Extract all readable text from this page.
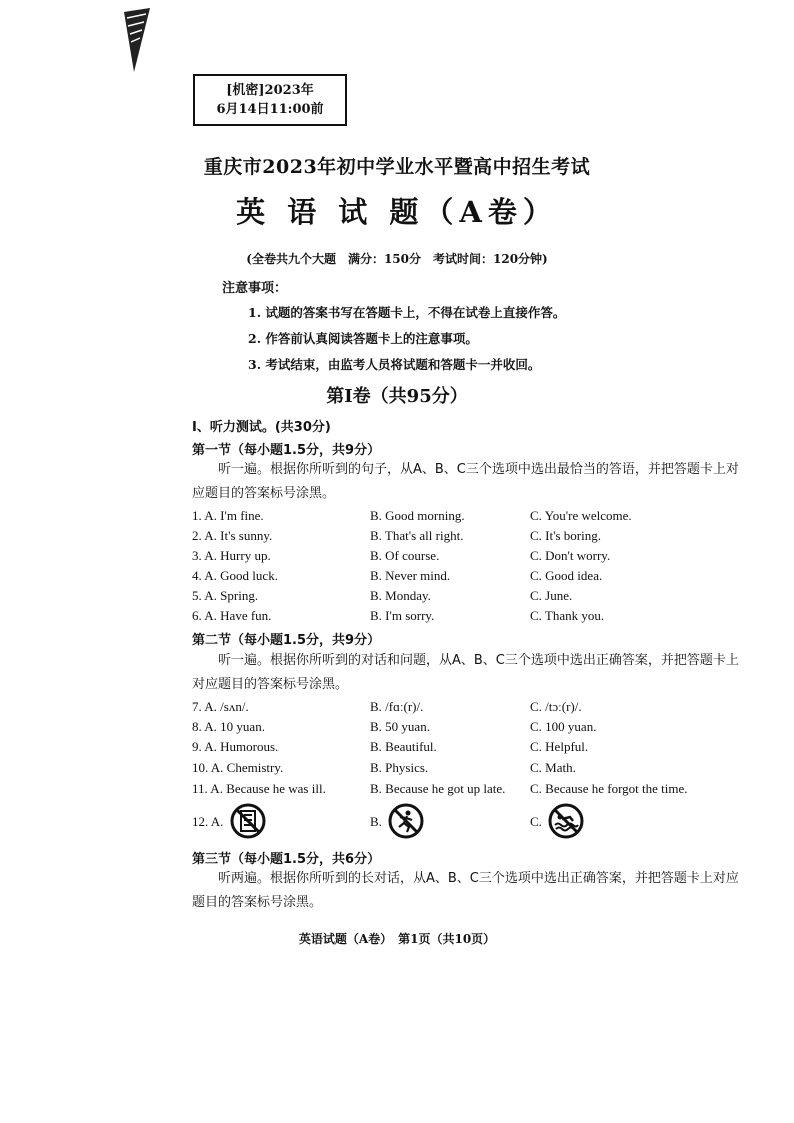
[机密]2023年
6月14日11:00前
重庆市2023年初中学业水平暨高中招生考试
英 语 试 题（A卷）
(全卷共九个大题　满分：150分　考试时间：120分钟)
注意事项：
1. 试题的答案书写在答题卡上，不得在试卷上直接作答。
2. 作答前认真阅读答题卡上的注意事项。
3. 考试结束，由监考人员将试题和答题卡一并收回。
第I卷（共95分）
I、听力测试。(共30分)
第一节（每小题1.5分，共9分）
听一遍。根据你所听到的句子，从A、B、C三个选项中选出最恰当的答语，并把答题卡上对应题目的答案标号涂黑。
1. A. I'm fine.	B. Good morning.	C. You're welcome.
2. A. It's sunny.	B. That's all right.	C. It's boring.
3. A. Hurry up.	B. Of course.	C. Don't worry.
4. A. Good luck.	B. Never mind.	C. Good idea.
5. A. Spring.	B. Monday.	C. June.
6. A. Have fun.	B. I'm sorry.	C. Thank you.
第二节（每小题1.5分，共9分）
听一遍。根据你所听到的对话和问题，从A、B、C三个选项中选出正确答案，并把答题卡上对应题目的答案标号涂黑。
7. A. /sʌn/.	B. /fɑː(r)/.	C. /tɔː(r)/.
8. A. 10 yuan.	B. 50 yuan.	C. 100 yuan.
9. A. Humorous.	B. Beautiful.	C. Helpful.
10. A. Chemistry.	B. Physics.	C. Math.
11. A. Because he was ill.	B. Because he got up late. C. Because he forgot the time.
12. A.	B.	C.
第三节（每小题1.5分，共6分）
听两遍。根据你所听到的长对话，从A、B、C三个选项中选出正确答案，并把答题卡上对应题目的答案标号涂黑。
英语试题（A卷）　第1页（共10页）
